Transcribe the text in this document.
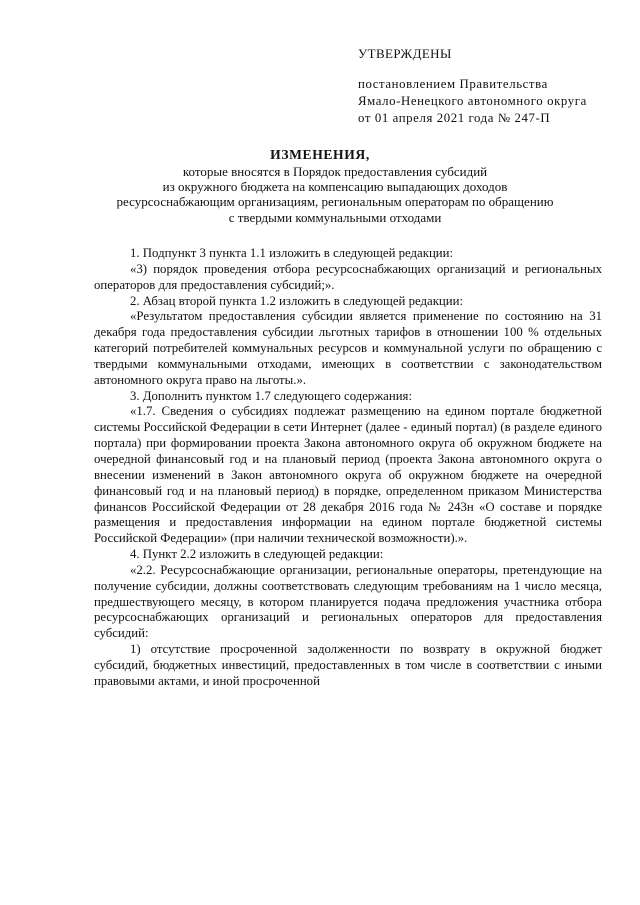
УТВЕРЖДЕНЫ
постановлением Правительства
Ямало-Ненецкого автономного округа
от 01 апреля 2021 года № 247-П
ИЗМЕНЕНИЯ,
которые вносятся в Порядок предоставления субсидий
из окружного бюджета на компенсацию выпадающих доходов
ресурсоснабжающим организациям, региональным операторам по обращению
с твердыми коммунальными отходами

1. Подпункт 3 пункта 1.1 изложить в следующей редакции:

«3) порядок проведения отбора ресурсоснабжающих организаций и региональных операторов для предоставления субсидий;».

2. Абзац второй пункта 1.2 изложить в следующей редакции:

«Результатом предоставления субсидии является применение по состоянию на 31 декабря года предоставления субсидии льготных тарифов в отношении 100 % отдельных категорий потребителей коммунальных ресурсов и коммунальной услуги по обращению с твердыми коммунальными отходами, имеющих в соответствии с законодательством автономного округа право на льготы.».

3. Дополнить пунктом 1.7 следующего содержания:

«1.7. Сведения о субсидиях подлежат размещению на едином портале бюджетной системы Российской Федерации в сети Интернет (далее - единый портал) (в разделе единого портала) при формировании проекта Закона автономного округа об окружном бюджете на очередной финансовый год и на плановый период (проекта Закона автономного округа о внесении изменений в Закон автономного округа об окружном бюджете на очередной финансовый год и на плановый период) в порядке, определенном приказом Министерства финансов Российской Федерации от 28 декабря 2016 года № 243н «О составе и порядке размещения и предоставления информации на едином портале бюджетной системы Российской Федерации» (при наличии технической возможности).».

4. Пункт 2.2 изложить в следующей редакции:

«2.2. Ресурсоснабжающие организации, региональные операторы, претендующие на получение субсидии, должны соответствовать следующим требованиям на 1 число месяца, предшествующего месяцу, в котором планируется подача предложения участника отбора ресурсоснабжающих организаций и региональных операторов для предоставления субсидий:

1) отсутствие просроченной задолженности по возврату в окружной бюджет субсидий, бюджетных инвестиций, предоставленных в том числе в соответствии с иными правовыми актами, и иной просроченной
